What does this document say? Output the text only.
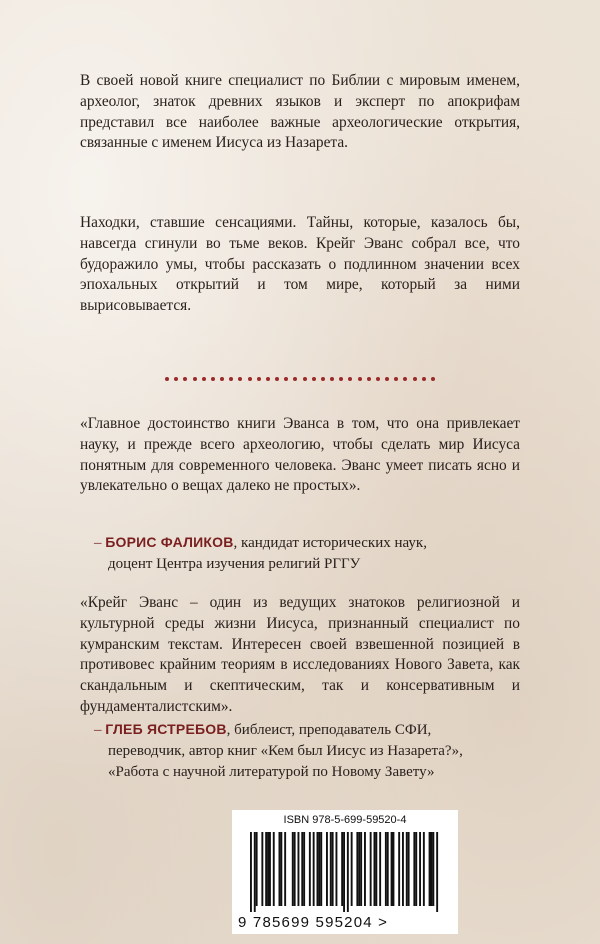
В своей новой книге специалист по Библии с мировым именем, археолог, знаток древних языков и эксперт по апокрифам представил все наиболее важные археологические открытия, связанные с именем Иисуса из Назарета.

Находки, ставшие сенсациями. Тайны, которые, казалось бы, навсегда сгинули во тьме веков. Крейг Эванс собрал все, что будоражило умы, чтобы рассказать о подлинном значении всех эпохальных открытий и том мире, который за ними вырисовывается.

«Главное достоинство книги Эванса в том, что она привлекает науку, и прежде всего археологию, чтобы сделать мир Иисуса понятным для современного человека. Эванс умеет писать ясно и увлекательно о вещах далеко не простых».

– БОРИС ФАЛИКОВ, кандидат исторических наук,
доцент Центра изучения религий РГГУ

«Крейг Эванс – один из ведущих знатоков религиозной и культурной среды жизни Иисуса, признанный специалист по кумранским текстам. Интересен своей взвешенной позицией в противовес крайним теориям в исследованиях Нового Завета, как скандальным и скептическим, так и консервативным и фундаменталистским».

– ГЛЕБ ЯСТРЕБОВ, библеист, преподаватель СФИ,
переводчик, автор книг «Кем был Иисус из Назарета?»,
«Работа с научной литературой по Новому Завету»
ISBN 978-5-699-59520-4
9 785699 595204 >
